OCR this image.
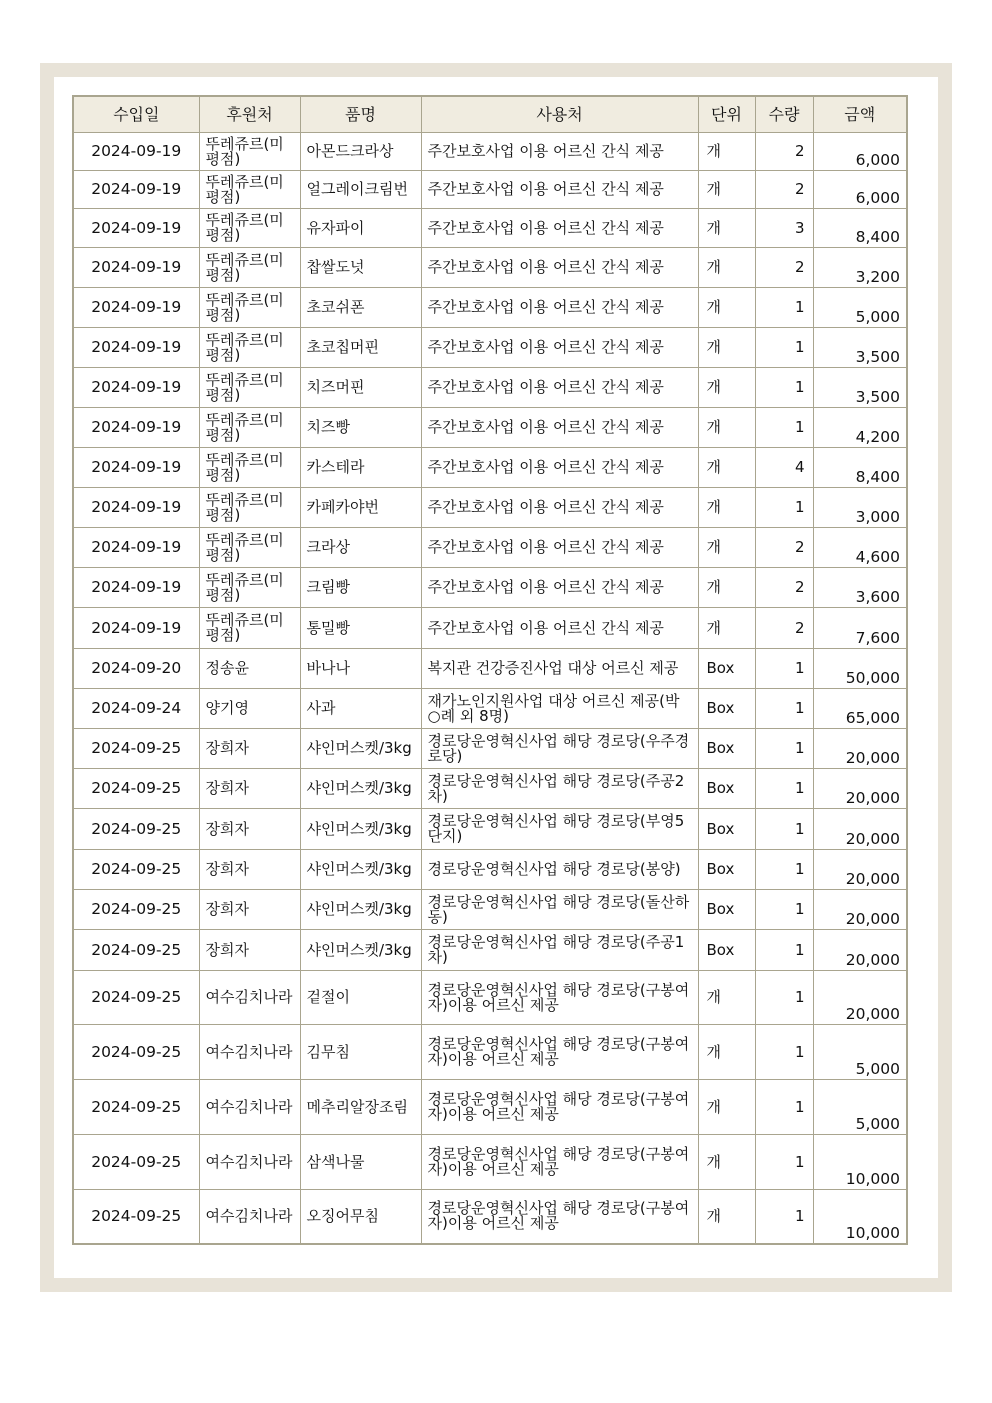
수입일	후원처	품명	사용처	단위	수량	금액
2024-09-19	뚜레쥬르(미평점)	아몬드크라상	주간보호사업 이용 어르신 간식 제공	개	2	6,000
2024-09-19	뚜레쥬르(미평점)	얼그레이크림번	주간보호사업 이용 어르신 간식 제공	개	2	6,000
2024-09-19	뚜레쥬르(미평점)	유자파이	주간보호사업 이용 어르신 간식 제공	개	3	8,400
2024-09-19	뚜레쥬르(미평점)	찹쌀도넛	주간보호사업 이용 어르신 간식 제공	개	2	3,200
2024-09-19	뚜레쥬르(미평점)	초코쉬폰	주간보호사업 이용 어르신 간식 제공	개	1	5,000
2024-09-19	뚜레쥬르(미평점)	초코칩머핀	주간보호사업 이용 어르신 간식 제공	개	1	3,500
2024-09-19	뚜레쥬르(미평점)	치즈머핀	주간보호사업 이용 어르신 간식 제공	개	1	3,500
2024-09-19	뚜레쥬르(미평점)	치즈빵	주간보호사업 이용 어르신 간식 제공	개	1	4,200
2024-09-19	뚜레쥬르(미평점)	카스테라	주간보호사업 이용 어르신 간식 제공	개	4	8,400
2024-09-19	뚜레쥬르(미평점)	카페카야번	주간보호사업 이용 어르신 간식 제공	개	1	3,000
2024-09-19	뚜레쥬르(미평점)	크라상	주간보호사업 이용 어르신 간식 제공	개	2	4,600
2024-09-19	뚜레쥬르(미평점)	크림빵	주간보호사업 이용 어르신 간식 제공	개	2	3,600
2024-09-19	뚜레쥬르(미평점)	통밀빵	주간보호사업 이용 어르신 간식 제공	개	2	7,600
2024-09-20	정송윤	바나나	복지관 건강증진사업 대상 어르신 제공	Box	1	50,000
2024-09-24	양기영	사과	재가노인지원사업 대상 어르신 제공(박○례 외 8명)	Box	1	65,000
2024-09-25	장희자	샤인머스켓/3kg	경로당운영혁신사업 해당 경로당(우주경로당)	Box	1	20,000
2024-09-25	장희자	샤인머스켓/3kg	경로당운영혁신사업 해당 경로당(주공2차)	Box	1	20,000
2024-09-25	장희자	샤인머스켓/3kg	경로당운영혁신사업 해당 경로당(부영5단지)	Box	1	20,000
2024-09-25	장희자	샤인머스켓/3kg	경로당운영혁신사업 해당 경로당(봉양)	Box	1	20,000
2024-09-25	장희자	샤인머스켓/3kg	경로당운영혁신사업 해당 경로당(돌산하동)	Box	1	20,000
2024-09-25	장희자	샤인머스켓/3kg	경로당운영혁신사업 해당 경로당(주공1차)	Box	1	20,000
2024-09-25	여수김치나라	겉절이	경로당운영혁신사업 해당 경로당(구봉여자)이용 어르신 제공	개	1	20,000
2024-09-25	여수김치나라	김무침	경로당운영혁신사업 해당 경로당(구봉여자)이용 어르신 제공	개	1	5,000
2024-09-25	여수김치나라	메추리알장조림	경로당운영혁신사업 해당 경로당(구봉여자)이용 어르신 제공	개	1	5,000
2024-09-25	여수김치나라	삼색나물	경로당운영혁신사업 해당 경로당(구봉여자)이용 어르신 제공	개	1	10,000
2024-09-25	여수김치나라	오징어무침	경로당운영혁신사업 해당 경로당(구봉여자)이용 어르신 제공	개	1	10,000
